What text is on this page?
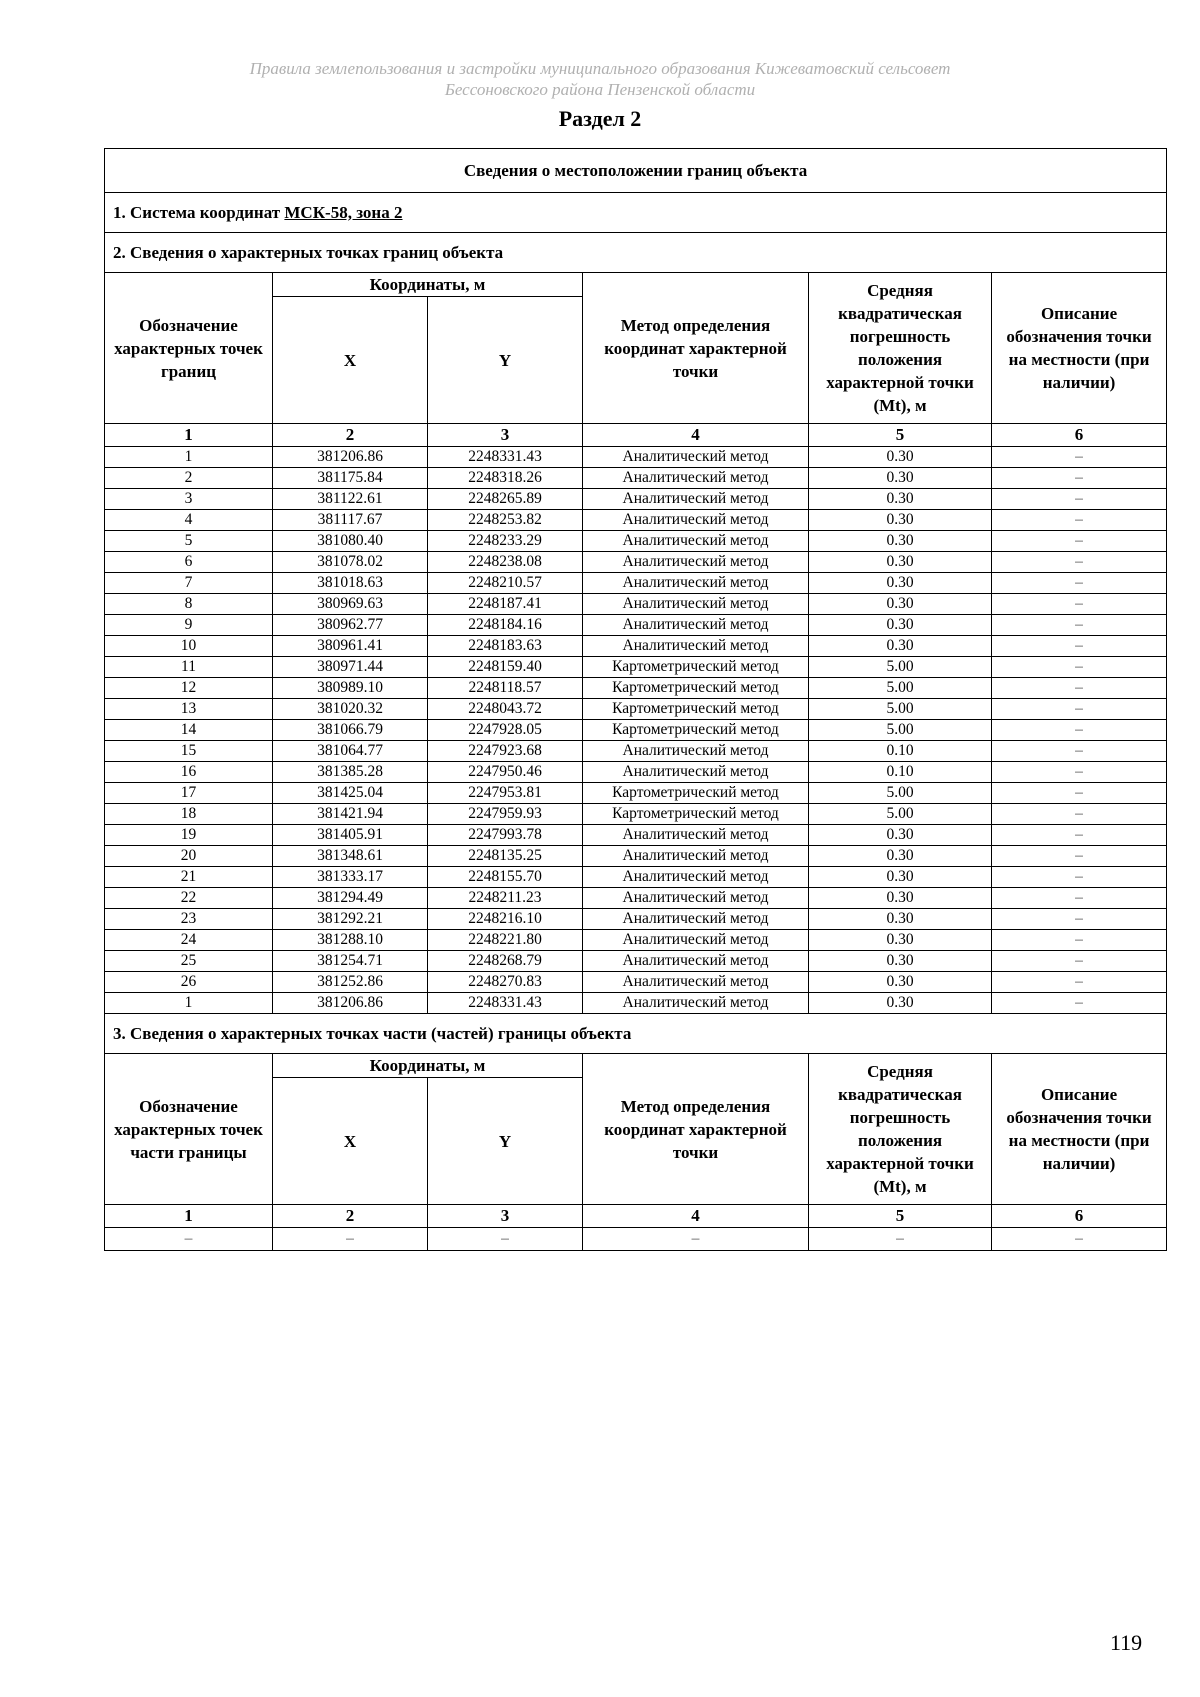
Правила землепользования и застройки муниципального образования Кижеватовский сельсовет
Бессоновского района Пензенской области
Раздел 2
Сведения о местоположении границ объекта					
1. Система координат МСК-58, зона 2					
2. Сведения о характерных точках границ объекта					
Обозначение характерных точек границ	Координаты, м		Метод определения координат характерной точки	Средняя квадратическая погрешность положения характерной точки (Mt), м	Описание обозначения точки на местности (при наличии)
	X	Y			
1	2	3	4	5	6
1	381206.86	2248331.43	Аналитический метод	0.30	–
2	381175.84	2248318.26	Аналитический метод	0.30	–
3	381122.61	2248265.89	Аналитический метод	0.30	–
4	381117.67	2248253.82	Аналитический метод	0.30	–
5	381080.40	2248233.29	Аналитический метод	0.30	–
6	381078.02	2248238.08	Аналитический метод	0.30	–
7	381018.63	2248210.57	Аналитический метод	0.30	–
8	380969.63	2248187.41	Аналитический метод	0.30	–
9	380962.77	2248184.16	Аналитический метод	0.30	–
10	380961.41	2248183.63	Аналитический метод	0.30	–
11	380971.44	2248159.40	Картометрический метод	5.00	–
12	380989.10	2248118.57	Картометрический метод	5.00	–
13	381020.32	2248043.72	Картометрический метод	5.00	–
14	381066.79	2247928.05	Картометрический метод	5.00	–
15	381064.77	2247923.68	Аналитический метод	0.10	–
16	381385.28	2247950.46	Аналитический метод	0.10	–
17	381425.04	2247953.81	Картометрический метод	5.00	–
18	381421.94	2247959.93	Картометрический метод	5.00	–
19	381405.91	2247993.78	Аналитический метод	0.30	–
20	381348.61	2248135.25	Аналитический метод	0.30	–
21	381333.17	2248155.70	Аналитический метод	0.30	–
22	381294.49	2248211.23	Аналитический метод	0.30	–
23	381292.21	2248216.10	Аналитический метод	0.30	–
24	381288.10	2248221.80	Аналитический метод	0.30	–
25	381254.71	2248268.79	Аналитический метод	0.30	–
26	381252.86	2248270.83	Аналитический метод	0.30	–
1	381206.86	2248331.43	Аналитический метод	0.30	–
3. Сведения о характерных точках части (частей) границы объекта					
Обозначение характерных точек части границы	Координаты, м		Метод определения координат характерной точки	Средняя квадратическая погрешность положения характерной точки (Mt), м	Описание обозначения точки на местности (при наличии)
	X	Y			
1	2	3	4	5	6
–	–	–	–	–	–
119
